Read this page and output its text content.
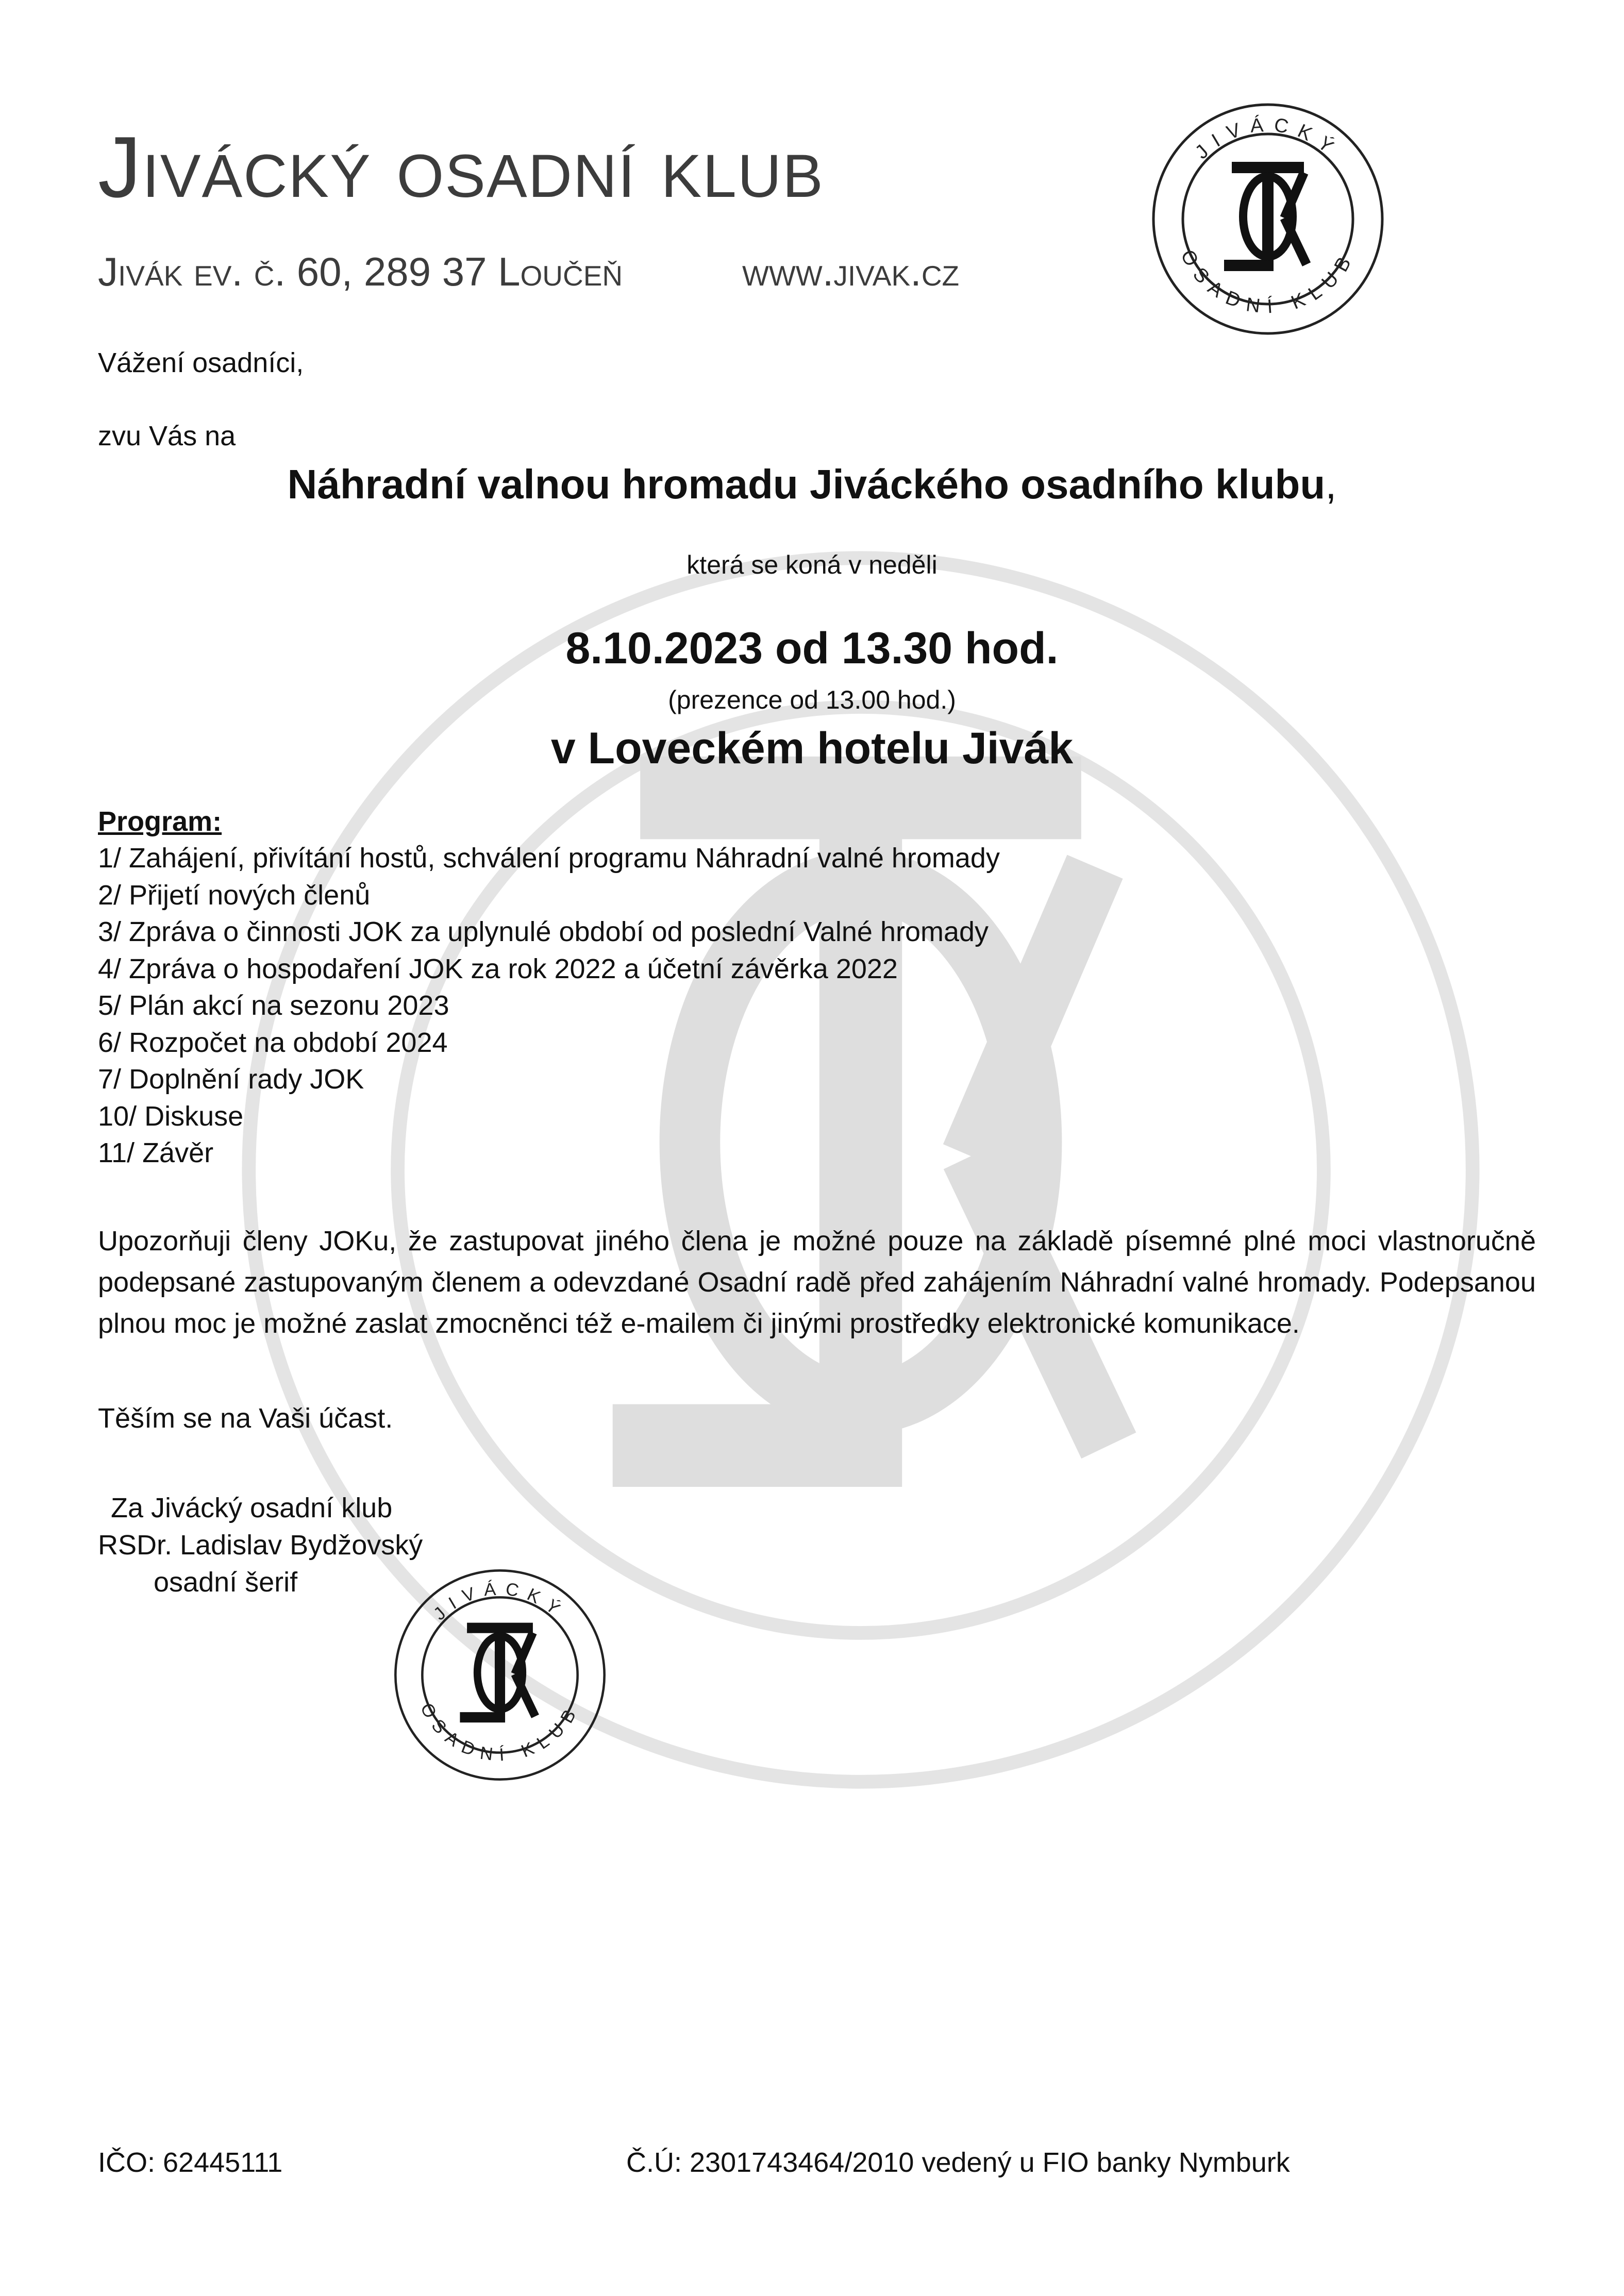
Jivácký osadní klub
Jivák ev. č. 60, 289 37 Loučeň	www.jivak.cz
JIVÁCKÝ
OSADNÍ KLUB
Vážení osadníci,
zvu Vás na
Náhradní valnou hromadu Jiváckého osadního klubu,
která se koná v neděli
8.10.2023 od 13.30 hod.
(prezence od 13.00 hod.)
v Loveckém hotelu Jivák
Program:
1/ Zahájení, přivítání hostů, schválení programu Náhradní valné hromady
2/ Přijetí nových členů
3/ Zpráva o činnosti JOK za uplynulé období od poslední Valné hromady
4/ Zpráva o hospodaření JOK za rok 2022 a účetní závěrka 2022
5/ Plán akcí na sezonu 2023
6/ Rozpočet na období 2024
7/ Doplnění rady JOK
10/ Diskuse
11/ Závěr
Upozorňuji členy JOKu, že zastupovat jiného člena je možné pouze na základě písemné plné moci vlastnoručně podepsané zastupovaným členem a odevzdané Osadní radě před zahájením Náhradní valné hromady. Podepsanou plnou moc je možné zaslat zmocněnci též e-mailem či jinými prostředky elektronické komunikace.
Těším se na Vaši účast.
Za Jivácký osadní klub
RSDr. Ladislav Bydžovský
osadní šerif
JIVÁCKÝ
OSADNÍ KLUB
IČO: 62445111	Č.Ú: 2301743464/2010 vedený u FIO banky Nymburk
